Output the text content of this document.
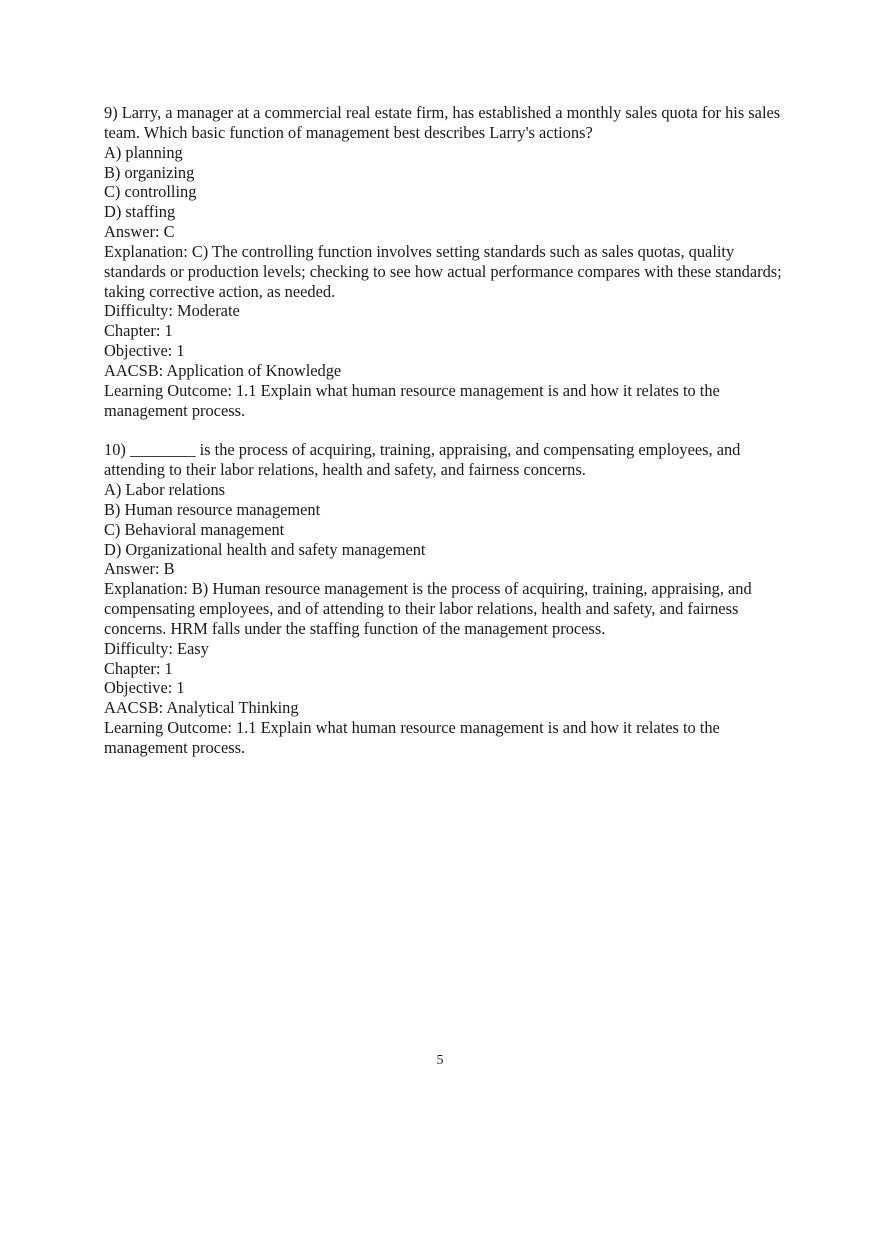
9) Larry, a manager at a commercial real estate firm, has established a monthly sales quota for his sales team. Which basic function of management best describes Larry's actions?

A) planning
B) organizing
C) controlling
D) staffing
Answer: C

Explanation: C) The controlling function involves setting standards such as sales quotas, quality standards or production levels; checking to see how actual performance compares with these standards; taking corrective action, as needed.

Difficulty: Moderate
Chapter: 1
Objective: 1
AACSB: Application of Knowledge

Learning Outcome: 1.1 Explain what human resource management is and how it relates to the management process.

10) ________ is the process of acquiring, training, appraising, and compensating employees, and attending to their labor relations, health and safety, and fairness concerns.

A) Labor relations
B) Human resource management
C) Behavioral management
D) Organizational health and safety management
Answer: B

Explanation: B) Human resource management is the process of acquiring, training, appraising, and compensating employees, and of attending to their labor relations, health and safety, and fairness concerns. HRM falls under the staffing function of the management process.

Difficulty: Easy
Chapter: 1
Objective: 1
AACSB: Analytical Thinking

Learning Outcome: 1.1 Explain what human resource management is and how it relates to the management process.

5
